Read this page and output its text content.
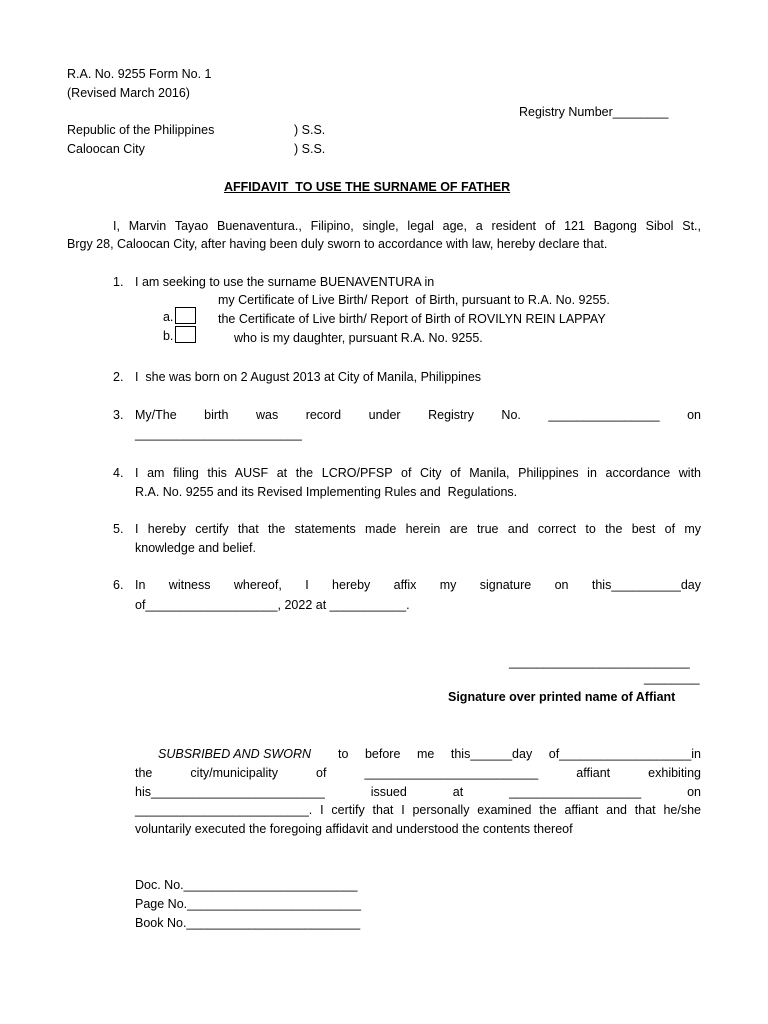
R.A. No. 9255 Form No. 1
(Revised March 2016)
Registry Number________
Republic of the Philippines	) S.S.
Caloocan City	) S.S.
AFFIDAVIT  TO USE THE SURNAME OF FATHER
I, Marvin Tayao Buenaventura., Filipino, single, legal age, a resident of 121 Bagong Sibol St.,
Brgy 28, Caloocan City, after having been duly sworn to accordance with law, hereby declare that.
1. I am seeking to use the surname BUENAVENTURA in

a.

my Certificate of Live Birth/ Report  of Birth, pursuant to R.A. No. 9255.

b.

the Certificate of Live birth/ Report of Birth of ROVILYN REIN LAPPAY
who is my daughter, pursuant R.A. No. 9255.
2. I  she was born on 2 August 2013 at City of Manila, Philippines
3. My/The birth was record under Registry No. ________________ on
________________________
4. I am filing this AUSF at the LCRO/PFSP of City of Manila, Philippines in accordance with
R.A. No. 9255 and its Revised Implementing Rules and  Regulations.
5. I hereby certify that the statements made herein are true and correct to the best of my
knowledge and belief.
6. In witness whereof, I hereby affix my signature on this__________day
of___________________, 2022 at ___________.
__________________________
________
Signature over printed name of Affiant
SUBSRIBED AND SWORN to before me this______day of___________________in
the city/municipality of _________________________ affiant exhibiting
his_________________________ issued at ___________________ on
_________________________. I certify that I personally examined the affiant and that he/she
voluntarily executed the foregoing affidavit and understood the contents thereof
Doc. No._________________________
Page No._________________________
Book No._________________________
